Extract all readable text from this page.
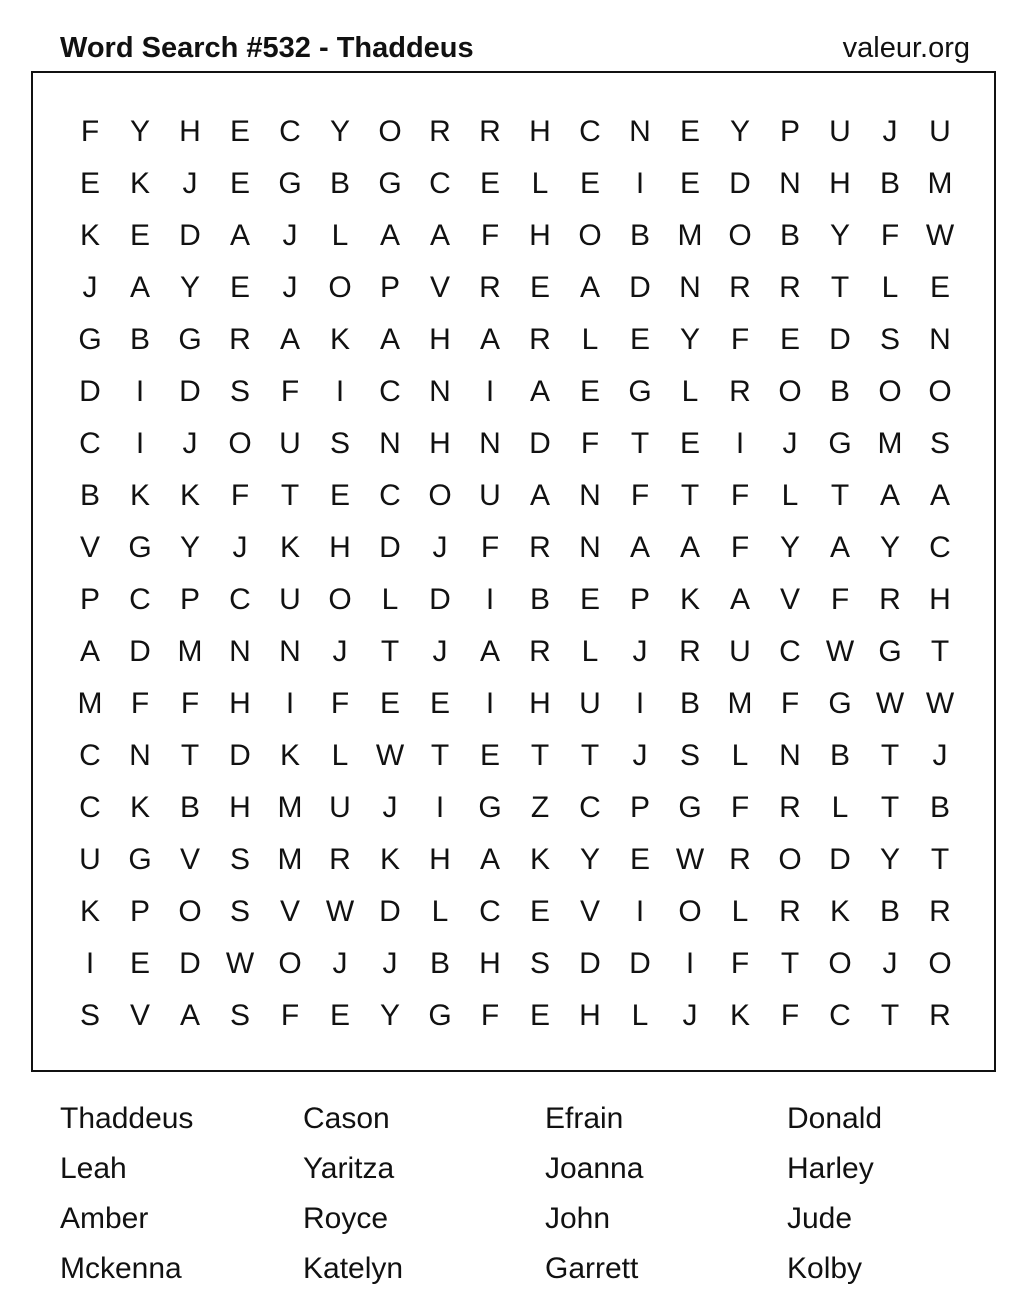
Word Search #532 - Thaddeus	valeur.org
F	Y H E C Y O R R H C N E Y P U	J	U
E K	J	E G B G C E	L	E	I	E D N H B M
K E D A	J	L	A A	F	H O B M O B Y	F W
J	A Y E	J	O P V R E A D N R R	T	L	E
G B G R A K A H A R	L	E Y	F	E D S N
D	I	D S	F	I	C N	I	A E G L	R O B O O
C	I	J	O U S N H N D	F	T	E	I	J	G M S
B K K	F	T	E C O U A N	F	T	F	L	T	A A
V G Y	J	K H D	J	F	R N A A	F	Y A Y C
P C P C U O L	D	I	B E P K A V	F	R H
A D M N N	J	T	J	A R	L	J	R U C W G T
M F	F	H	I	F	E E	I	H U	I	B M F G W W
C N	T	D K	L W T	E	T	T	J	S	L	N B	T	J
C K B H M U	J	I	G Z	C P G F	R	L	T	B
U G V S M R K H A K Y E W R O D Y	T
K P O S V W D	L	C E V	I	O L	R K B R
I	E D W O	J	J	B H S D D	I	F	T O	J	O
S V A S	F	E Y G F	E H	L	J	K	F	C	T	R
Thaddeus	Cason	Efrain	Donald
Leah	Yaritza	Joanna	Harley
Amber	Royce	John	Jude
Mckenna	Katelyn	Garrett	Kolby
